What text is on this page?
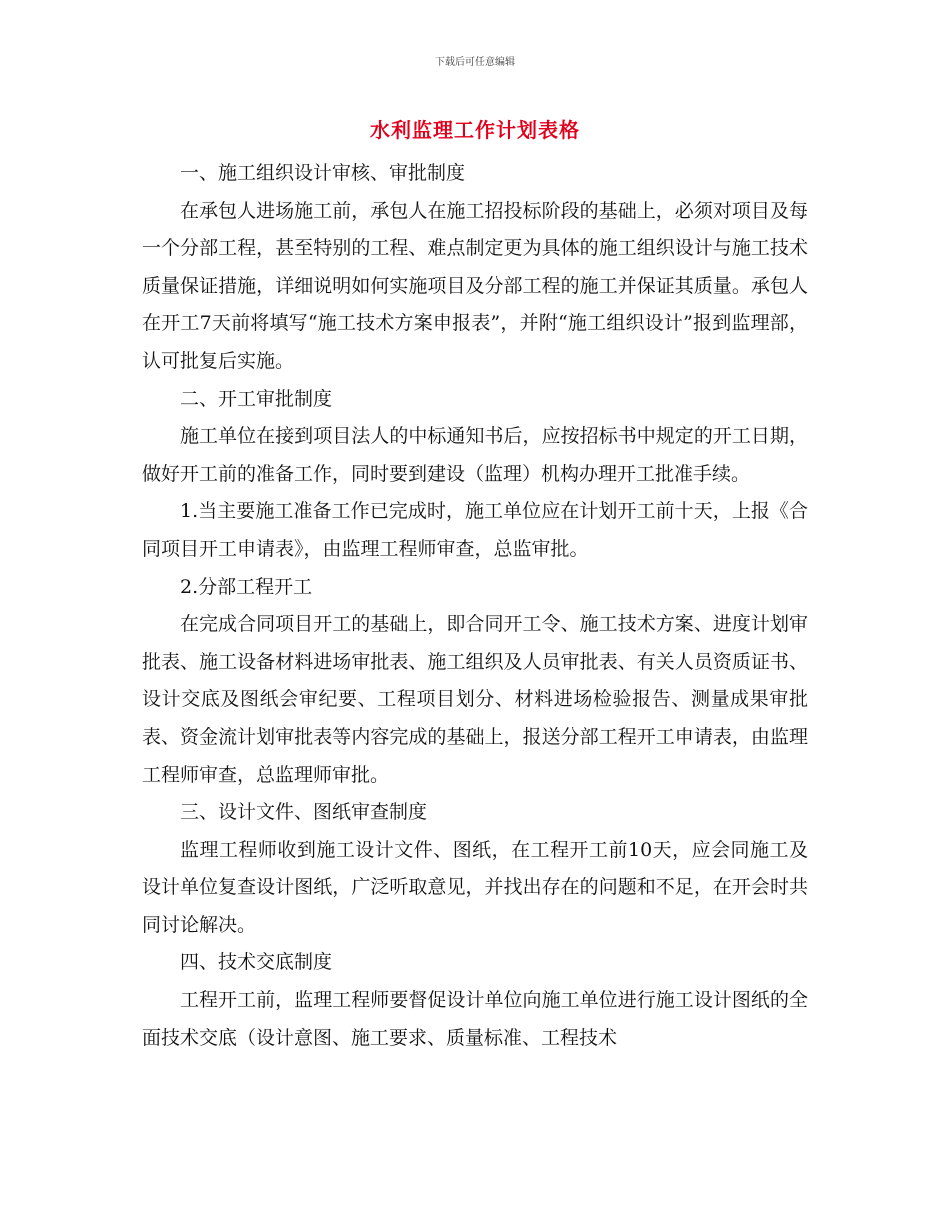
下载后可任意编辑
水利监理工作计划表格

一、施工组织设计审核、审批制度

在承包人进场施工前，承包人在施工招投标阶段的基础上，必须对项目及每一个分部工程，甚至特别的工程、难点制定更为具体的施工组织设计与施工技术质量保证措施，详细说明如何实施项目及分部工程的施工并保证其质量。承包人在开工7天前将填写“施工技术方案申报表”，并附“施工组织设计”报到监理部，认可批复后实施。

二、开工审批制度

施工单位在接到项目法人的中标通知书后，应按招标书中规定的开工日期，做好开工前的准备工作，同时要到建设（监理）机构办理开工批准手续。

1.当主要施工准备工作已完成时，施工单位应在计划开工前十天，上报《合同项目开工申请表》，由监理工程师审查，总监审批。

2.分部工程开工

在完成合同项目开工的基础上，即合同开工令、施工技术方案、进度计划审批表、施工设备材料进场审批表、施工组织及人员审批表、有关人员资质证书、设计交底及图纸会审纪要、工程项目划分、材料进场检验报告、测量成果审批表、资金流计划审批表等内容完成的基础上，报送分部工程开工申请表，由监理工程师审查，总监理师审批。

三、设计文件、图纸审查制度

监理工程师收到施工设计文件、图纸，在工程开工前10天，应会同施工及设计单位复查设计图纸，广泛听取意见，并找出存在的问题和不足，在开会时共同讨论解决。

四、技术交底制度

工程开工前，监理工程师要督促设计单位向施工单位进行施工设计图纸的全面技术交底（设计意图、施工要求、质量标准、工程技术
